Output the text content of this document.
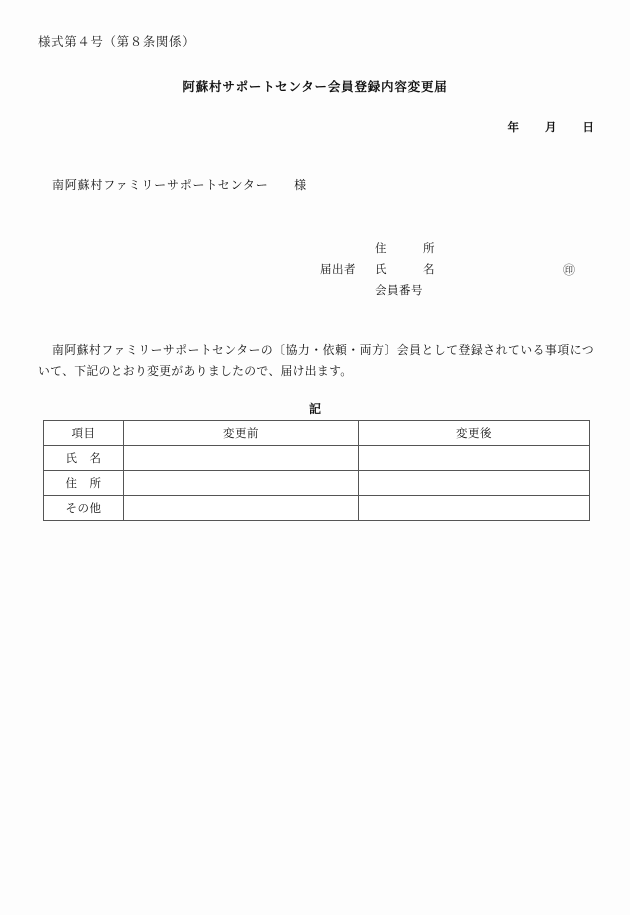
様式第４号（第８条関係）
阿蘇村サポートセンター会員登録内容変更届
年　　月　　日
南阿蘇村ファミリーサポートセンター　　様

住　　　所

届出者

氏　　　名

	㊞

会員番号

南阿蘇村ファミリーサポートセンターの〔協力・依頼・両方〕会員として登録されている事項について、下記のとおり変更がありましたので、届け出ます。
記
項目	変更前	変更後
氏　名		
住　所		
その他		
